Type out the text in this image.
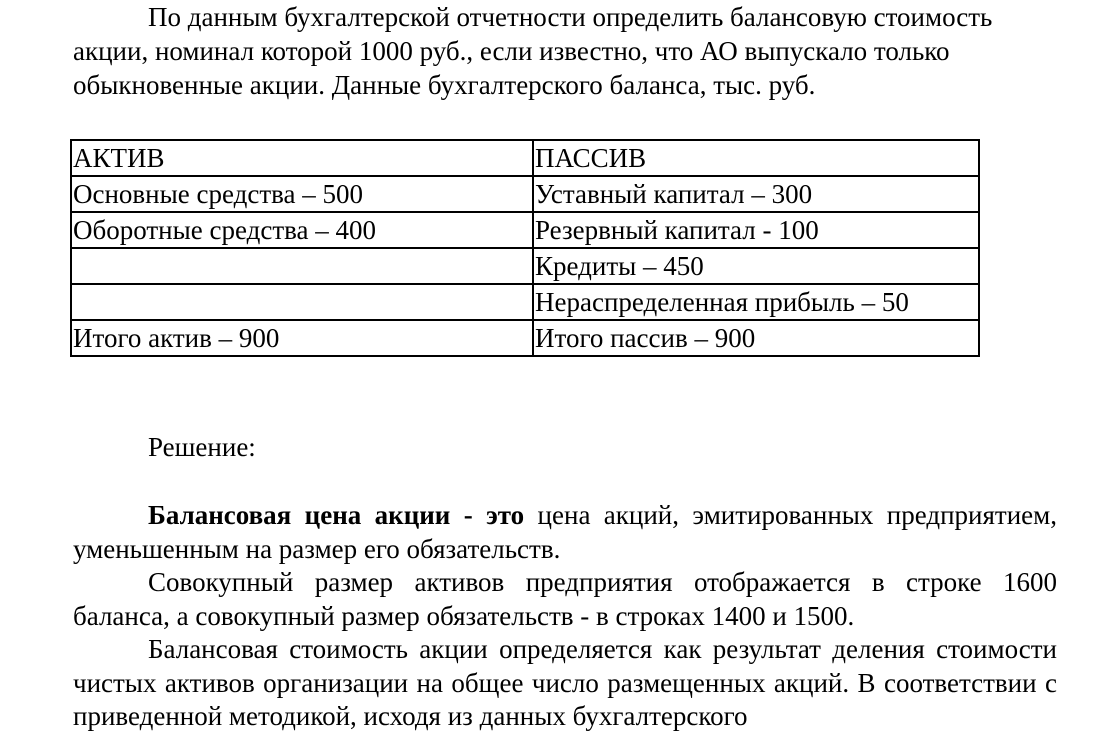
По данным бухгалтерской отчетности определить балансовую стоимость акции, номинал которой 1000 руб., если известно, что АО выпускало только обыкновенные акции. Данные бухгалтерского баланса, тыс. руб.

АКТИВ	ПАССИВ
Основные средства – 500	Уставный капитал – 300
Оборотные средства – 400	Резервный капитал - 100
	Кредиты – 450
	Нераспределенная прибыль – 50
Итого актив – 900	Итого пассив – 900

Решение:

Балансовая цена акции - это цена акций, эмитированных предприятием, уменьшенным на размер его обязательств.

Совокупный размер активов предприятия отображается в строке 1600 баланса, а совокупный размер обязательств - в строках 1400 и 1500.

Балансовая стоимость акции определяется как результат деления стоимости чистых активов организации на общее число размещенных акций. В соответствии с приведенной методикой, исходя из данных бухгалтерского
